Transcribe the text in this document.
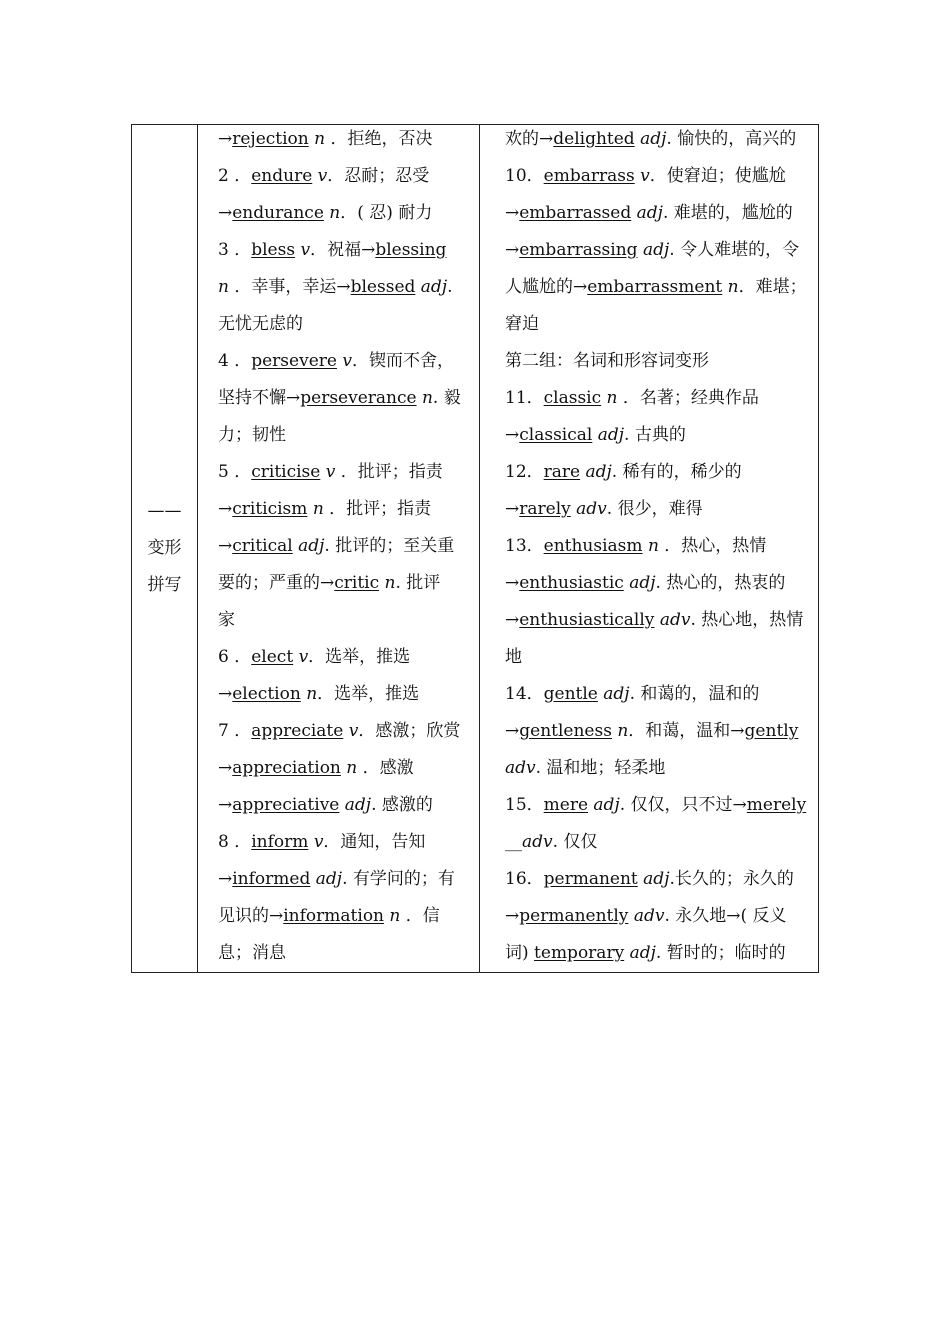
——
变形
拼写
→rejection n ．拒绝，否决
2 ．endure v．忍耐；忍受
→endurance n．( 忍) 耐力
3 ．bless v．祝福→blessing
n ．幸事，幸运→blessed adj.
无忧无虑的
4 ．persevere v．锲而不舍，
坚持不懈→perseverance n. 毅
力；韧性
5 ．criticise v ．批评；指责
→criticism n ．批评；指责
→critical adj. 批评的；至关重
要的；严重的→critic n. 批评
家
6 ．elect v．选举，推选
→election n．选举，推选
7 ．appreciate v．感激；欣赏
→appreciation n ．感激
→appreciative adj. 感激的
8 ．inform v．通知，告知
→informed adj. 有学问的；有
见识的→information n ．信
息；消息
欢的→delighted adj. 愉快的，高兴的
10．embarrass v．使窘迫；使尴尬
→embarrassed adj. 难堪的，尴尬的
→embarrassing adj. 令人难堪的，令
人尴尬的→embarrassment n．难堪；
窘迫
第二组：名词和形容词变形
11．classic n ．名著；经典作品
→classical adj. 古典的
12．rare adj. 稀有的，稀少的
→rarely adv. 很少，难得
13．enthusiasm n ．热心，热情
→enthusiastic adj. 热心的，热衷的
→enthusiastically adv. 热心地，热情
地
14．gentle adj. 和蔼的，温和的
→gentleness n．和蔼，温和→gently
adv. 温和地；轻柔地
15．mere adj. 仅仅，只不过→merely
__adv. 仅仅
16．permanent adj.长久的；永久的
→permanently adv. 永久地→( 反义
词) temporary adj. 暂时的；临时的
